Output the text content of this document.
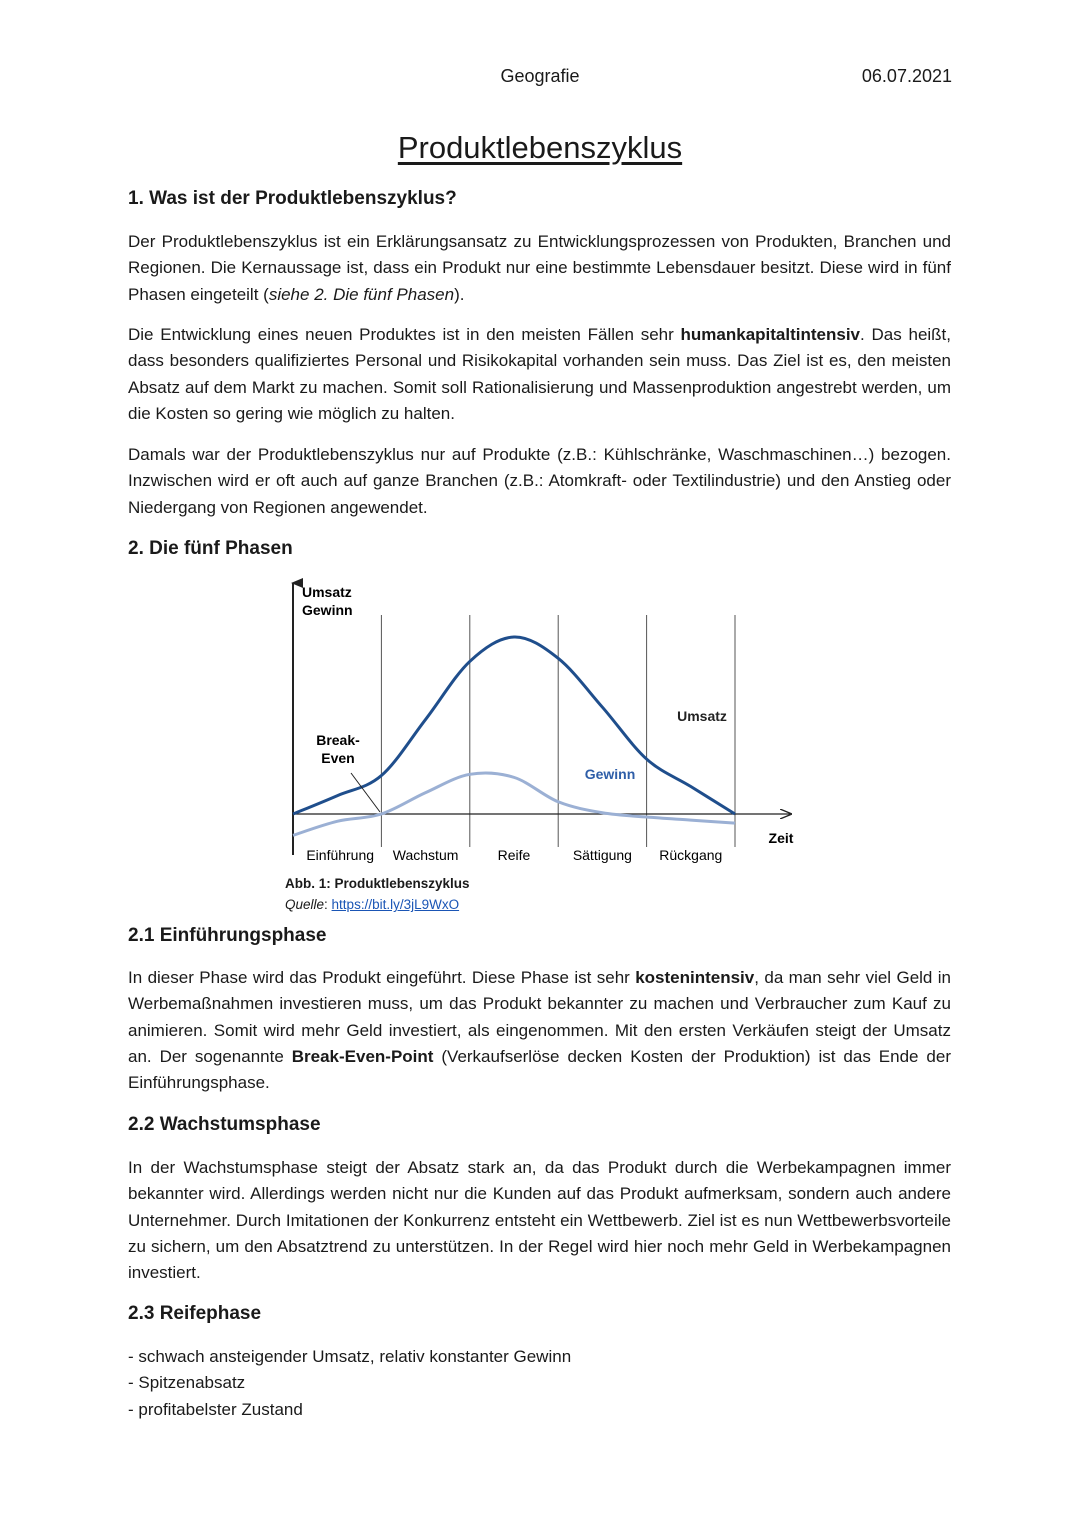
Geografie	06.07.2021
Produktlebenszyklus
1. Was ist der Produktlebenszyklus?

Der Produktlebenszyklus ist ein Erklärungsansatz zu Entwicklungsprozessen von Produkten, Branchen und Regionen. Die Kernaussage ist, dass ein Produkt nur eine bestimmte Lebensdauer besitzt. Diese wird in fünf Phasen eingeteilt (siehe 2. Die fünf Phasen).

Die Entwicklung eines neuen Produktes ist in den meisten Fällen sehr humankapitaltintensiv. Das heißt, dass besonders qualifiziertes Personal und Risikokapital vorhanden sein muss. Das Ziel ist es, den meisten Absatz auf dem Markt zu machen. Somit soll Rationalisierung und Massenproduktion angestrebt werden, um die Kosten so gering wie möglich zu halten.

Damals war der Produktlebenszyklus nur auf Produkte (z.B.: Kühlschränke, Waschmaschinen…) bezogen. Inzwischen wird er oft auch auf ganze Branchen (z.B.: Atomkraft- oder Textilindustrie) und den Anstieg oder Niedergang von Regionen angewendet.

2. Die fünf Phasen
Umsatz
Gewinn
Break-
Even
Umsatz
Gewinn
Zeit
Einführung Wachstum	Reife	Sättigung Rückgang
Abb. 1: Produktlebenszyklus
Quelle: https://bit.ly/3jL9WxO
2.1 Einführungsphase

In dieser Phase wird das Produkt eingeführt. Diese Phase ist sehr kostenintensiv, da man sehr viel Geld in Werbemaßnahmen investieren muss, um das Produkt bekannter zu machen und Verbraucher zum Kauf zu animieren. Somit wird mehr Geld investiert, als eingenommen. Mit den ersten Verkäufen steigt der Umsatz an. Der sogenannte Break-Even-Point (Verkaufserlöse decken Kosten der Produktion) ist das Ende der Einführungsphase.

2.2 Wachstumsphase

In der Wachstumsphase steigt der Absatz stark an, da das Produkt durch die Werbekampagnen immer bekannter wird. Allerdings werden nicht nur die Kunden auf das Produkt aufmerksam, sondern auch andere Unternehmer. Durch Imitationen der Konkurrenz entsteht ein Wettbewerb. Ziel ist es nun Wettbewerbsvorteile zu sichern, um den Absatztrend zu unterstützen. In der Regel wird hier noch mehr Geld in Werbekampagnen investiert.

2.3 Reifephase
- schwach ansteigender Umsatz, relativ konstanter Gewinn
- Spitzenabsatz
- profitabelster Zustand
